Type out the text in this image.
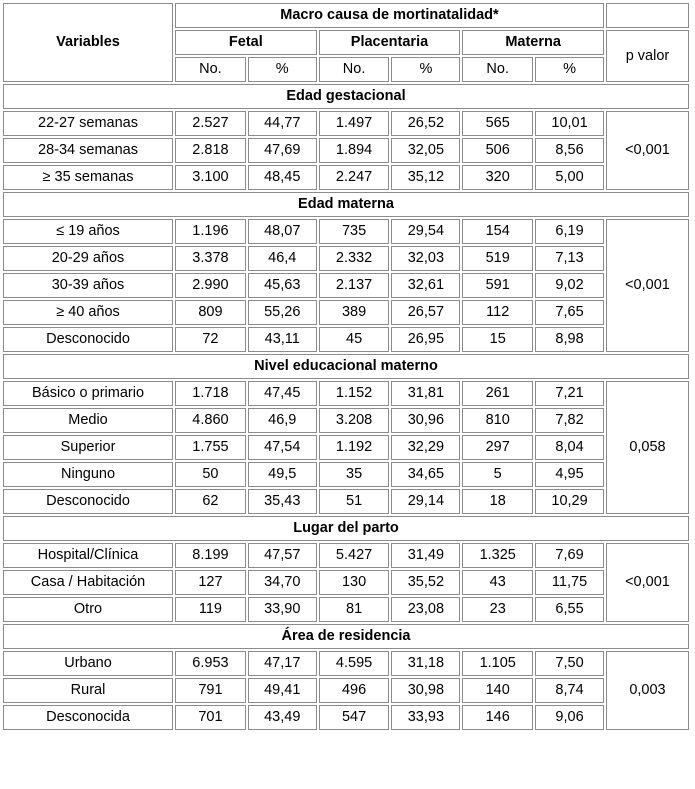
Variables	Macro causa de mortinatalidad*						
	Fetal		Placentaria		Materna		p valor
	No.	%	No.	%	No.	%	
Edad gestacional							
22-27 semanas	2.527	44,77	1.497	26,52	565	10,01	<0,001
28-34 semanas	2.818	47,69	1.894	32,05	506	8,56	
≥ 35 semanas	3.100	48,45	2.247	35,12	320	5,00	
Edad materna							
≤ 19 años	1.196	48,07	735	29,54	154	6,19	<0,001
20-29 años	3.378	46,4	2.332	32,03	519	7,13	
30-39 años	2.990	45,63	2.137	32,61	591	9,02	
≥ 40 años	809	55,26	389	26,57	112	7,65	
Desconocido	72	43,11	45	26,95	15	8,98	
Nivel educacional materno							
Básico o primario	1.718	47,45	1.152	31,81	261	7,21	0,058
Medio	4.860	46,9	3.208	30,96	810	7,82	
Superior	1.755	47,54	1.192	32,29	297	8,04	
Ninguno	50	49,5	35	34,65	5	4,95	
Desconocido	62	35,43	51	29,14	18	10,29	
Lugar del parto							
Hospital/Clínica	8.199	47,57	5.427	31,49	1.325	7,69	<0,001
Casa / Habitación	127	34,70	130	35,52	43	11,75	
Otro	119	33,90	81	23,08	23	6,55	
Área de residencia							
Urbano	6.953	47,17	4.595	31,18	1.105	7,50	0,003
Rural	791	49,41	496	30,98	140	8,74	
Desconocida	701	43,49	547	33,93	146	9,06	
